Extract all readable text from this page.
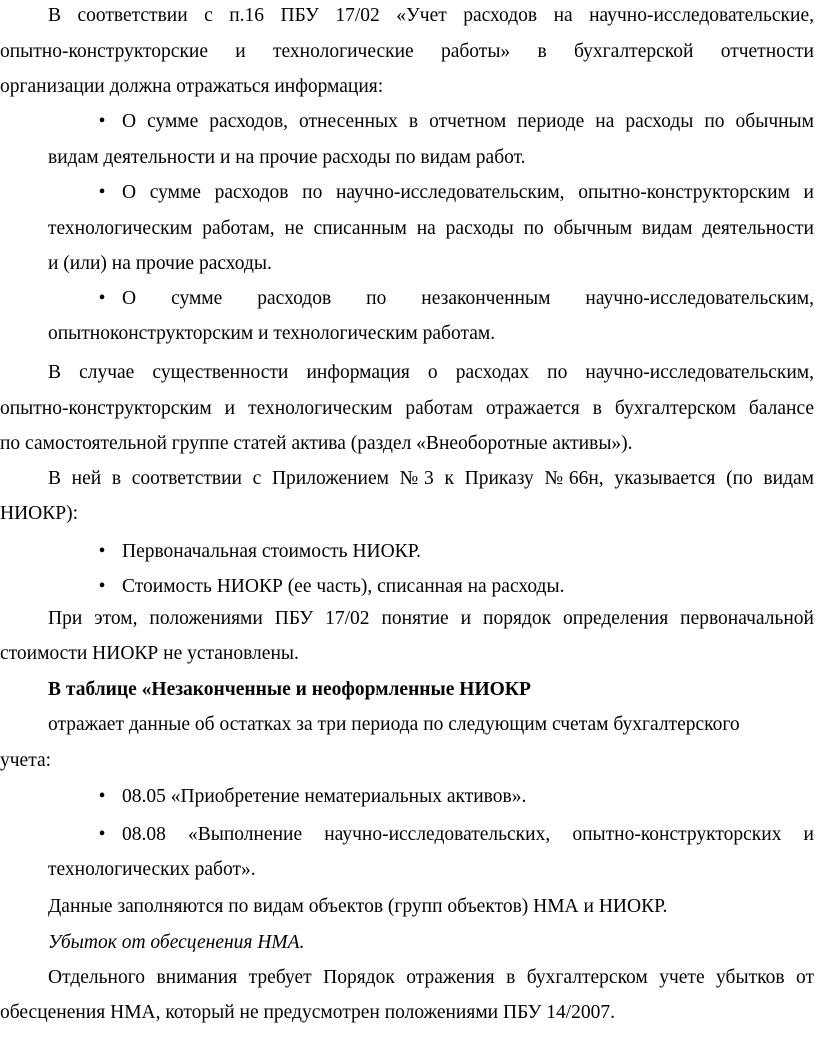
В соответствии с п.16 ПБУ 17/02 «Учет расходов на научно-исследовательские,
опытно-конструкторские и технологические работы» в бухгалтерской отчетности
организации должна отражаться информация:
• О сумме расходов, отнесенных в отчетном периоде на расходы по обычным
видам деятельности и на прочие расходы по видам работ.
• О сумме расходов по научно-исследовательским, опытно-конструкторским и
технологическим работам, не списанным на расходы по обычным видам деятельности
и (или) на прочие расходы.
• О сумме расходов по незаконченным научно-исследовательским,
опытноконструкторским и технологическим работам.
В случае существенности информация о расходах по научно-исследовательским,
опытно-конструкторским и технологическим работам отражается в бухгалтерском балансе
по самостоятельной группе статей актива (раздел «Внеоборотные активы»).
В ней в соответствии с Приложением №3 к Приказу №66н, указывается (по видам
НИОКР):
• Первоначальная стоимость НИОКР.
• Стоимость НИОКР (ее часть), списанная на расходы.
При этом, положениями ПБУ 17/02 понятие и порядок определения первоначальной
стоимости НИОКР не установлены.
В таблице «Незаконченные и неоформленные НИОКР
отражает данные об остатках за три периода по следующим счетам бухгалтерского
учета:
• 08.05 «Приобретение нематериальных активов».
• 08.08 «Выполнение научно-исследовательских, опытно-конструкторских и
технологических работ».
Данные заполняются по видам объектов (групп объектов) НМА и НИОКР.
Убыток от обесценения НМА.
Отдельного внимания требует Порядок отражения в бухгалтерском учете убытков от
обесценения НМА, который не предусмотрен положениями ПБУ 14/2007.
